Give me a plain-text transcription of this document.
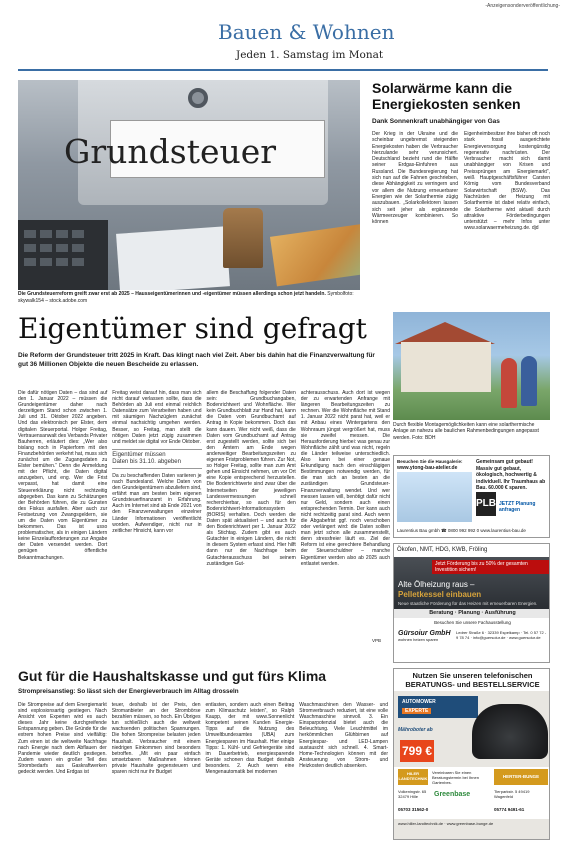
-Anzeigensonderveröffentlichung-
Bauen & Wohnen
Jeden 1. Samstag im Monat
Grundsteuer
Die Grundsteuerreform greift zwar erst ab 2025 – Hausseigentümerinnen und -eigentümer müssen allerdings schon jetzt handeln. Symbolfoto: skywalk154 – stock.adobe.com
Solarwärme kann die Energiekosten senken
Dank Sonnenkraft unabhängiger von Gas
Der Krieg in der Ukraine und die scheinbar ungebremst steigenden Energiekosten haben die Verbraucher hierzulande sehr verunsichert. Deutschland bezieht rund die Hälfte seiner Erdgas-Einfuhren aus Russland. Die Bundesregierung hat sich nun auf die Fahnen geschrieben, diese Abhängigkeit zu verringern und vor allem die Nutzung erneuerbarer Energien wie der Solarthermie zügig auszubauen. „Solarkollektoren lassen sich seit jeher als ergänzende Wärmeerzeuger kombinieren. So können
Eigenheimbesitzer ihre bisher oft noch stark fossil ausgerichtete Energieversorgung kostengünstig regenerativ nachrüsten. Der Verbraucher macht sich damit unabhängiger von Krisen und Preissprüngen am Energiemarkt“, weiß Hauptgeschäftsführer Carsten Körnig vom Bundesverband Solarwirtschaft (BSW). Das Nachrüsten der Heizung mit Solarthermie ist dabei relativ einfach, die Solartherme wird aktuell durch attraktive Förderbedingungen unterstützt – mehr Infos unter www.solarwaermeheizung.de. djd
Eigentümer sind gefragt
Die Reform der Grundsteuer tritt 2025 in Kraft. Das klingt nach viel Zeit. Aber bis dahin hat die Finanzverwaltung für gut 36 Millionen Objekte die neuen Bescheide zu erlassen.
Die dafür nötigen Daten – das sind auf den 1. Januar 2022 – müssen die Grundeigentümer daher nach derzeitigem Stand schon zwischen 1. Juli und 31. Oktober 2022 angeben. Und das elektronisch per Elster, dem digitalen Steuerportal. Holger Freitag, Vertrauensanwalt des Verbands Privater Bauherren, erläutert dies: „Wer also bislang noch in Papierform mit den Finanzbehörden verkehrt hat, muss sich zunächst um die Zugangsdaten zu Elster bemühen.“ Denn die Anmeldung mit der Pflicht, die Daten digital anzugeben, und eng. Wer die Frist verpasst, hat damit eine Steuererklärung nicht rechtzeitig abgegeben. Das kann zu Schätzungen der Behörden führen, die zu Gunsten des Fiskus ausfallen. Aber auch zur Festsetzung von Zwangsgeldern, sie um die Daten vom Eigentümer zu bekommen. Das ist usso problematischer, als in einigen Ländern keine Einzelaufforderungen zur Angabe der Daten versendet werden. Dort genügen öffentliche Bekanntmachungen.
Freitag weist darauf hin, dass man sich nicht darauf verlassen sollte, dass die Behörden ab Juli erst einmal reichlich Datensätze zum Verarbeiten haben und mit säumigen Nachzüglern zunächst einmal nachsichtig umgehen werden. Besser, so Freitag, man stellt die nötigen Daten jetzt zügig zusammen und meldet sie digital vor Ende Oktober.
Eigentümer müssen
Daten bis 31.10. abgeben
Da zu beschaffenden Daten variieren je nach Bundesland. Welche Daten von den Grundeigentümern abzuliefern sind, erfährt man am besten beim eigenen Grundsteuerfinanzamt in Erfahrung. Auch im Internet sind ab Ende 2021 von den Finanzverwaltungen einzelner Länder Informationen veröffentlicht worden. Aufwendiger, nicht nur in zeitlicher Hinsicht, kann vor
allem die Beschaffung folgender Daten sein: Grundbuchangaben, Bodenrichtwert und Wohnfläche. Wer kein Grundbuchblatt zur Hand hat, kann die Daten vom Grundbuchamt auf Antrag in Kopie bekommen. Doch das kann dauern. Wer nicht weiß, dass die Daten vom Grundbuchamt auf Antrag erst zugestellt werden, sollte sich bei den Ämtern am Ende wegen anderweitiger Bearbeitungszeiten zu eigenen Fristproblemen führen. Zur Not, so Holger Freitag, sollte man zum Amt gehen und Einsicht nehmen, um vor Ort eine Kopie entsprechend herzustellen. Die Bodenrichtwerte sind zwar über die Internetseiten der jeweiligen Landesvermessungen schnell recherchierbar, so auch für den Bodenrichtwert-Informationssystem (BORIS) verhalten. Doch werden die Daten spät aktualisiert – und auch für den Bodenrichtwert per 1. Januar 2022 als Stichtag. Zudem gibt es auch Gutachter in einigen Ländern, die nicht in diesem System erfasst sind. Hier hilft dann nur der Nachfrage beim Gutachterausschuss bei seinem zuständigen Gut-
achterausschuss. Auch dort ist wegen der zu erwartenden Anfrange mit längeren Bearbeitungszeiten zu rechnen. Wer die Wohnfläche mit Stand 1. Januar 2022 nicht parat hat, weil er mit Anbau eines Wintergartens den Wohnraum jüngst vergrößert hat, muss sie zweifel messen. Die Herausforderung hierbei: was genau zur Wohnfläche zählt und was nicht, regeln die Länder teilweise unterschiedlich. Also kann bei einer genaue Erkundigung nach den einschlägigen Bestimmungen notwendig werden, für die man sich an besten an die zuständigen Grundsteuer-Finanzverwaltung wendet. Und wer messen lassen will, benötigt dafür nicht nur Geld, sondern auch einen entsprechenden Termin. Der kann auch nicht rechtzeitig parat sind. Auch wenn die Abgabefrist ggf. noch verschoben oder verlängert wird: die Daten sollten man jetzt schon alle zusammenstellt, denn stressfreier läuft es. Ziel der Reform ist eine gerechtere Behandlung der Steuerschuldner – manche Eigentümer werden also ab 2025 auch entlastet werden.
VPB
Durch flexible Montagemöglichkeiten kann eine solarthermische Anlage an nahezu alle baulichen Rahmenbedingungen angepasst werden. Foto: BDH
Besuchen Sie die Hausgalerie:
www.ytong-bau-atelier.de
Gemeinsam gut gebaut! Massiv gut gebaut, ökologisch, hochwertig & individuell. Ihr Traumhaus ab Bau. 60.000 € sparen.
PLB JETZT Planung anfragen
Laurentius Bau gmbh ☎ 0800 992 992 0 www.laurentius-bau.de
Ökofen, NMT, HDG, KWB, Fröling
Jetzt Förderung bis zu 50% der gesamten Investition sichern!
Alte Ölheizung raus –
Pelletkessel einbauen
Neue staatliche Förderung für das Heizen mit erneuerbaren Energien.
Beratung · Planung · Ausführung
Besuchen Sie unsere Fachausstellung
Gürsoiur GmbH
wohnen heizen sparen
Ledrer Straße 6 · 32339 Espelkamp · Tel. 0 57 72 - 9 78 74 · info@guersoiur.de · www.guersoiur.de
Nutzen Sie unseren telefonischen BERATUNGS- und BESTELLSERVICE
AUTOMOWER
EXPERTE
Mähroboter ab
799 €
HILER LANDTECHNIK
Vereinbaren Sie einen Beratungstermin bei Ihnen Gartenbes.
HERTER-BUNGE
Volkeningstr. 65 32479 Hille	Greenbase	Tierparkstr. 5 49419 Wagenfeld
05703 31562-0	05774 9491-61
www.hiller-landtechnik.de · www.greenbase-bunge.de
Gut für die Haushaltskasse und gut fürs Klima
Strompreisanstieg: So lässt sich der Energieverbrauch im Alltag drosseln
Die Strompreise auf dem Energiemarkt sind explosionsartig gestiegen. Nach Ansicht von Experten wird es auch dieses Jahr keine durchgreifende Entspannung geben. Die Gründe für die extrem hohen Preise sind vielfältig: Zum einen ist die weltweite Nachfrage nach Energie nach dem Abflauen der Pandemie wieder deutlich gestiegen. Zudem waren ein großer Teil des Strombedarfs aus Gaskraftwerken gedeckt werden. Und Erdgas ist
teuer, deshalb ist der Preis, den Stromanbieter an der Strombörse bezahlen müssen, so hoch. Ein Übriges tun schließlich auch die weltweit wachsenden politischen Spannungen. Die hohen Strompreise belasten jeden Haushalt. Verbraucher mit einem niedrigen Einkommen sind besonders betroffen. „Mit ein paar einfach umsetzbaren Maßnahmen können private Haushalte gegensteuern und sparen nicht nur ihr Budget
entlasten, sondern auch einen Beitrag zum Klimaschutz leisten“, so Ralph Kaupp, der mit www.Sonnenlicht kompetent seinen Kunden Energie-Tipps auf die Nutzung des Umweltbundesamtes (UBA) zum Energiesparen im Haushalt. Hier einige Tipps: 1. Kühl- und Gefriergeräte sind im Dauerbetrieb, energiesparende Geräte schonen das Budget deshalb besonders. 2. Auch wenn eine Mengenautomatik bei modernen
Waschmaschinen den Wasser- und Stromverbrauch reduziert, ist eine volle Waschmaschine sinnvoll. 3. Ein Einsparpotenzial bietet auch die Beleuchtung. Viele Leuchtmittel im herkömmlichen Glühbirnen auf Energiespar- und LED-Lampen austauscht sich schnell. 4. Smart-Home-Technologien können mit der Ansteuerung von Strom- und Heizkosten deutlich absenken.
